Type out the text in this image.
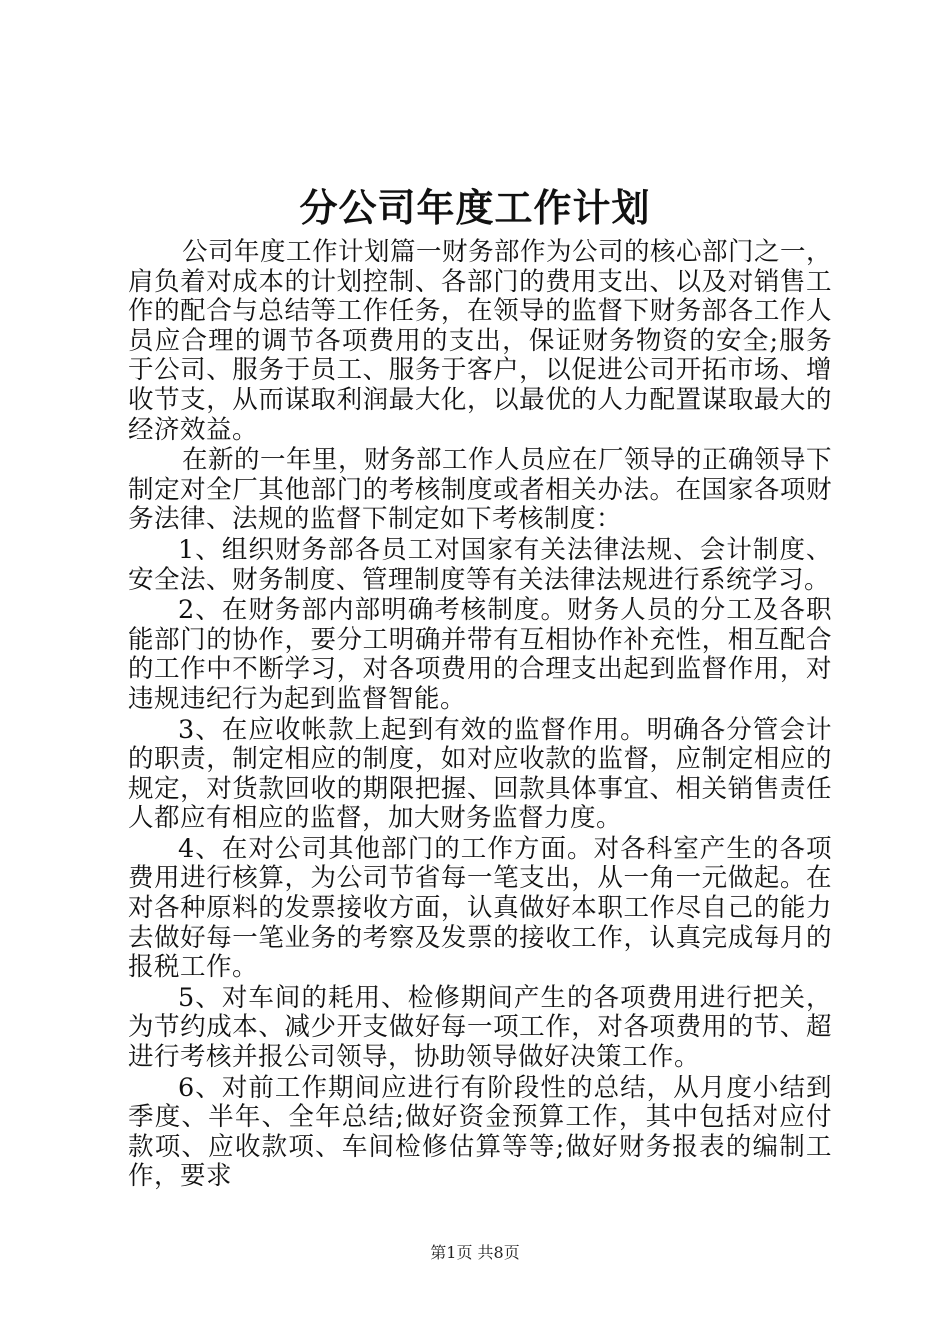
分公司年度工作计划

公司年度工作计划篇一财务部作为公司的核心部门之一，肩负着对成本的计划控制、各部门的费用支出、以及对销售工作的配合与总结等工作任务，在领导的监督下财务部各工作人员应合理的调节各项费用的支出，保证财务物资的安全;服务于公司、服务于员工、服务于客户，以促进公司开拓市场、增收节支，从而谋取利润最大化，以最优的人力配置谋取最大的经济效益。

在新的一年里，财务部工作人员应在厂领导的正确领导下制定对全厂其他部门的考核制度或者相关办法。在国家各项财务法律、法规的监督下制定如下考核制度：

1、组织财务部各员工对国家有关法律法规、会计制度、安全法、财务制度、管理制度等有关法律法规进行系统学习。

2、在财务部内部明确考核制度。财务人员的分工及各职能部门的协作，要分工明确并带有互相协作补充性，相互配合的工作中不断学习，对各项费用的合理支出起到监督作用，对违规违纪行为起到监督智能。

3、在应收帐款上起到有效的监督作用。明确各分管会计的职责，制定相应的制度，如对应收款的监督，应制定相应的规定，对货款回收的期限把握、回款具体事宜、相关销售责任人都应有相应的监督，加大财务监督力度。

4、在对公司其他部门的工作方面。对各科室产生的各项费用进行核算，为公司节省每一笔支出，从一角一元做起。在对各种原料的发票接收方面，认真做好本职工作尽自己的能力去做好每一笔业务的考察及发票的接收工作，认真完成每月的报税工作。

5、对车间的耗用、检修期间产生的各项费用进行把关，为节约成本、减少开支做好每一项工作，对各项费用的节、超进行考核并报公司领导，协助领导做好决策工作。

6、对前工作期间应进行有阶段性的总结，从月度小结到季度、半年、全年总结;做好资金预算工作，其中包括对应付款项、应收款项、车间检修估算等等;做好财务报表的编制工作，要求

第1页 共8页
